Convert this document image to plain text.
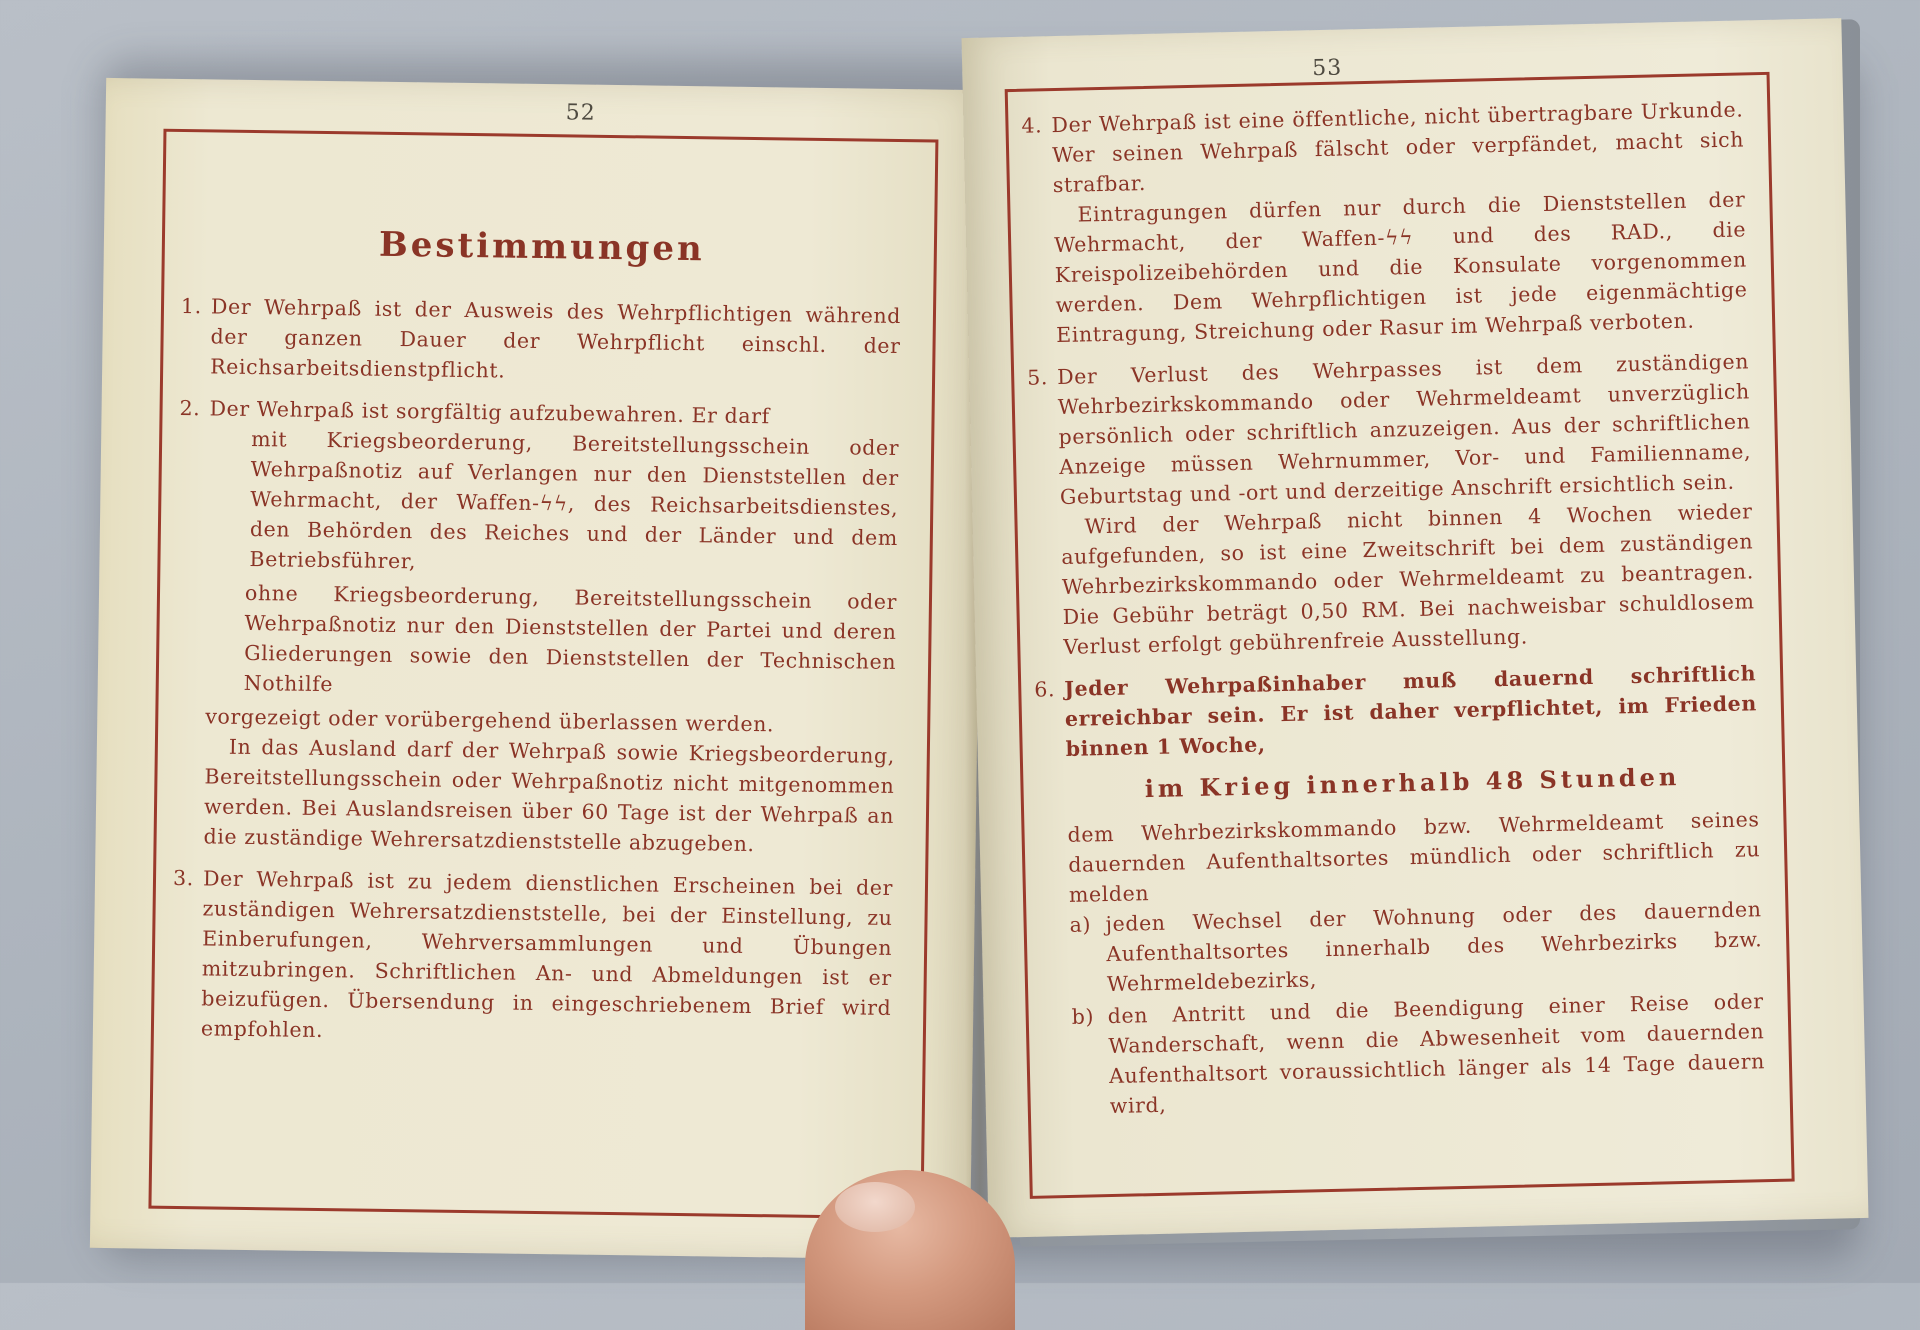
52
Bestimmungen
1. Der Wehrpaß ist der Ausweis des Wehrpflichtigen während der ganzen Dauer der Wehrpflicht einschl. der Reichsarbeitsdienstpflicht.
2. Der Wehrpaß ist sorgfältig aufzubewahren. Er darf
mit Kriegsbeorderung, Bereitstellungsschein oder Wehrpaßnotiz auf Verlangen nur den Dienststellen der Wehrmacht, der Waffen-ϟϟ, des Reichsarbeitsdienstes, den Behörden des Reiches und der Länder und dem Betriebsführer,
ohne Kriegsbeorderung, Bereitstellungsschein oder Wehrpaßnotiz nur den Dienststellen der Partei und deren Gliederungen sowie den Dienststellen der Technischen Nothilfe
vorgezeigt oder vorübergehend überlassen werden.
In das Ausland darf der Wehrpaß sowie Kriegsbeorderung, Bereitstellungsschein oder Wehrpaßnotiz nicht mitgenommen werden. Bei Auslandsreisen über 60 Tage ist der Wehrpaß an die zuständige Wehrersatzdienststelle abzugeben.
3. Der Wehrpaß ist zu jedem dienstlichen Erscheinen bei der zuständigen Wehrersatzdienststelle, bei der Einstellung, zu Einberufungen, Wehrversammlungen und Übungen mitzubringen. Schriftlichen An- und Abmeldungen ist er beizufügen. Übersendung in eingeschriebenem Brief wird empfohlen.
53
4. Der Wehrpaß ist eine öffentliche, nicht übertragbare Urkunde. Wer seinen Wehrpaß fälscht oder verpfändet, macht sich strafbar.
Eintragungen dürfen nur durch die Dienststellen der Wehrmacht, der Waffen-ϟϟ und des RAD., die Kreispolizeibehörden und die Konsulate vorgenommen werden. Dem Wehrpflichtigen ist jede eigenmächtige Eintragung, Streichung oder Rasur im Wehrpaß verboten.
5. Der Verlust des Wehrpasses ist dem zuständigen Wehrbezirkskommando oder Wehrmeldeamt unverzüglich persönlich oder schriftlich anzuzeigen. Aus der schriftlichen Anzeige müssen Wehrnummer, Vor- und Familienname, Geburtstag und -ort und derzeitige Anschrift ersichtlich sein.
Wird der Wehrpaß nicht binnen 4 Wochen wieder aufgefunden, so ist eine Zweitschrift bei dem zuständigen Wehrbezirkskommando oder Wehrmeldeamt zu beantragen. Die Gebühr beträgt 0,50 RM. Bei nachweisbar schuldlosem Verlust erfolgt gebührenfreie Ausstellung.
6. Jeder Wehrpaßinhaber muß dauernd schriftlich erreichbar sein. Er ist daher verpflichtet, im Frieden binnen 1 Woche,
im Krieg innerhalb 48 Stunden
dem Wehrbezirkskommando bzw. Wehrmeldeamt seines dauernden Aufenthaltsortes mündlich oder schriftlich zu melden
a) jeden Wechsel der Wohnung oder des dauernden Aufenthaltsortes innerhalb des Wehrbezirks bzw. Wehrmeldebezirks,
b) den Antritt und die Beendigung einer Reise oder Wanderschaft, wenn die Abwesenheit vom dauernden Aufenthaltsort voraussichtlich länger als 14 Tage dauern wird,
